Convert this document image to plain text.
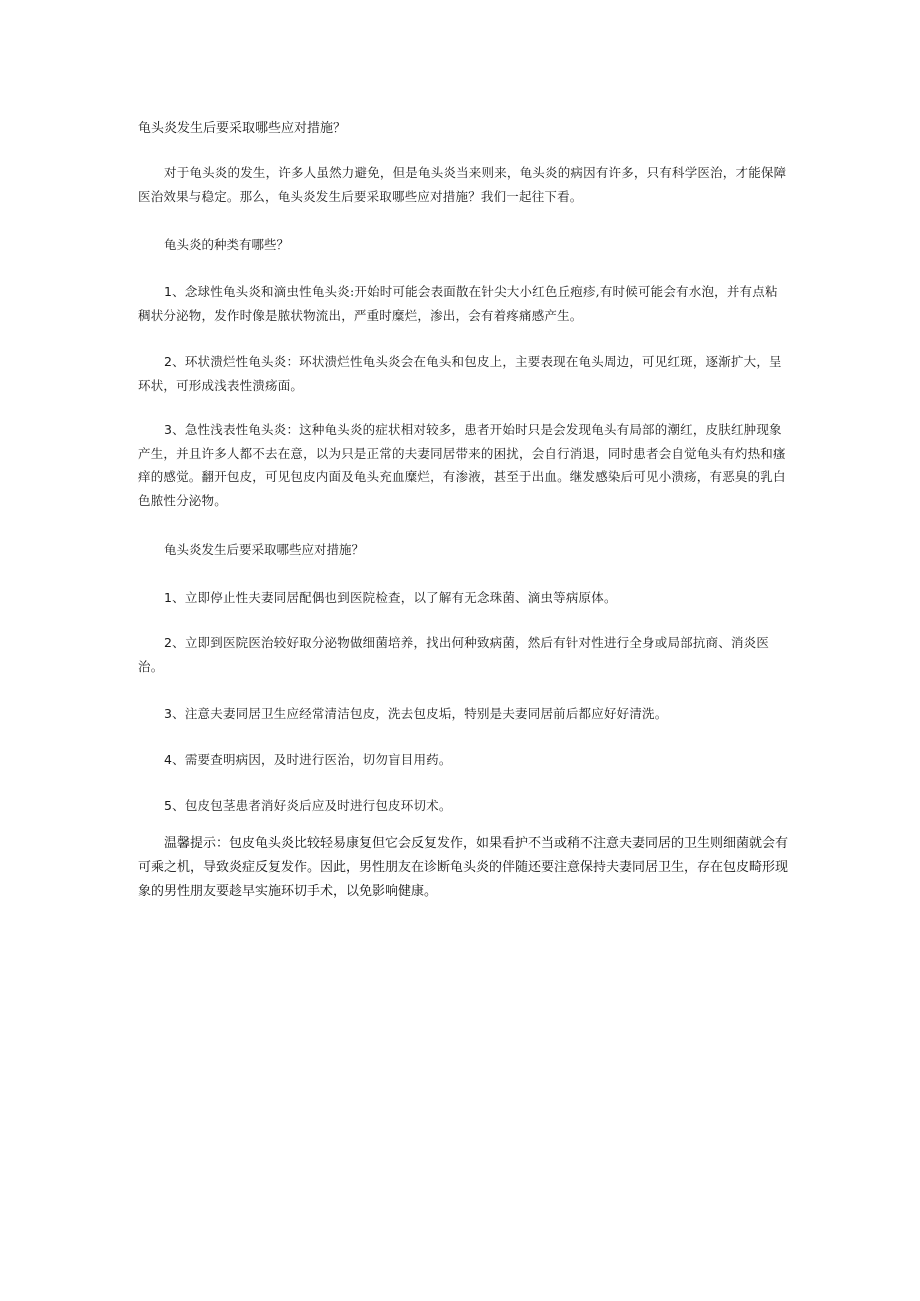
龟头炎发生后要采取哪些应对措施？

对于龟头炎的发生，许多人虽然力避免，但是龟头炎当来则来，龟头炎的病因有许多，只有科学医治，才能保障医治效果与稳定。那么，龟头炎发生后要采取哪些应对措施？我们一起往下看。

龟头炎的种类有哪些？

1、念球性龟头炎和滴虫性龟头炎:开始时可能会表面散在针尖大小红色丘疱疹,有时候可能会有水泡，并有点粘稠状分泌物，发作时像是脓状物流出，严重时糜烂，渗出，会有着疼痛感产生。

2、环状溃烂性龟头炎：环状溃烂性龟头炎会在龟头和包皮上，主要表现在龟头周边，可见红斑，逐渐扩大，呈环状，可形成浅表性溃疡面。

3、急性浅表性龟头炎：这种龟头炎的症状相对较多，患者开始时只是会发现龟头有局部的潮红，皮肤红肿现象产生，并且许多人都不去在意，以为只是正常的夫妻同居带来的困扰，会自行消退，同时患者会自觉龟头有灼热和瘙痒的感觉。翻开包皮，可见包皮内面及龟头充血糜烂，有渗液，甚至于出血。继发感染后可见小溃疡，有恶臭的乳白色脓性分泌物。

龟头炎发生后要采取哪些应对措施？

1、立即停止性夫妻同居配偶也到医院检查，以了解有无念珠菌、滴虫等病原体。

2、立即到医院医治较好取分泌物做细菌培养，找出何种致病菌，然后有针对性进行全身或局部抗商、消炎医治。

3、注意夫妻同居卫生应经常清洁包皮，洗去包皮垢，特别是夫妻同居前后都应好好清洗。

4、需要查明病因，及时进行医治，切勿盲目用药。

5、包皮包茎患者消好炎后应及时进行包皮环切术。

温馨提示：包皮龟头炎比较轻易康复但它会反复发作，如果看护不当或稍不注意夫妻同居的卫生则细菌就会有可乘之机，导致炎症反复发作。因此，男性朋友在诊断龟头炎的伴随还要注意保持夫妻同居卫生，存在包皮畸形现象的男性朋友要趁早实施环切手术，以免影响健康。
